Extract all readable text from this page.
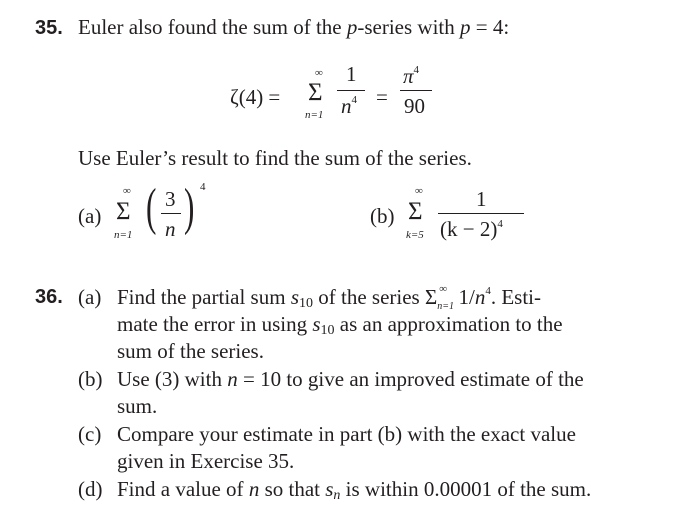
35. Euler also found the sum of the p-series with p = 4:
ζ(4) =
∞
Σ
n=1
1
$n^4$ =
$\pi^4$
90
Use Euler’s result to find the sum of the series.
(a)
∞
Σ
n=1 ( 3
n ) 4
(b)
∞
Σ
k=5
1
$(k - 2)^4$
36. (a) Find the partial sum s10 of the series Σ ∞
n=1 $1/n^4$. Esti-
mate the error in using s10 as an approximation to the
sum of the series.
(b) Use (3) with n = 10 to give an improved estimate of the
sum.
(c) Compare your estimate in part (b) with the exact value
given in Exercise 35.
(d) Find a value of n so that sn is within 0.00001 of the sum.
